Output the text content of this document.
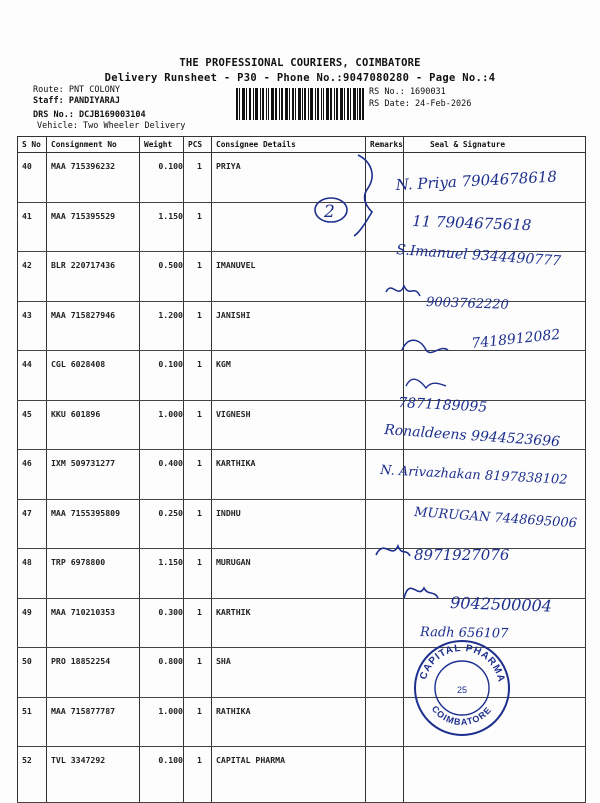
THE PROFESSIONAL COURIERS, COIMBATORE
Delivery Runsheet - P30 - Phone No.:9047080280 - Page No.:4
Route: PNT COLONY
Staff: PANDIYARAJ
DRS No.: DCJB169003104
Vehicle: Two Wheeler Delivery
RS No.: 1690031
RS Date: 24-Feb-2026
S No	Consignment No	Weight	PCS	Consignee Details	Remarks	Seal & Signature
40	MAA 715396232	0.100	1	PRIYA		
41	MAA 715395529	1.150	1			
42	BLR 220717436	0.500	1	IMANUVEL		
43	MAA 715827946	1.200	1	JANISHI		
44	CGL 6028408	0.100	1	KGM		
45	KKU 601896	1.000	1	VIGNESH		
46	IXM 509731277	0.400	1	KARTHIKA		
47	MAA 7155395809	0.250	1	INDHU		
48	TRP 6978800	1.150	1	MURUGAN		
49	MAA 710210353	0.300	1	KARTHIK		
50	PRO 18852254	0.800	1	SHA		
51	MAA 715877787	1.000	1	RATHIKA		
52	TVL 3347292	0.100	1	CAPITAL PHARMA		
2
N. Priya 7904678618
11 7904675618
S.Imanuel 9344490777
9003762220
7418912082
7871189095
Ronaldeens 9944523696
N. Arivazhakan 8197838102
MURUGAN 7448695006
8971927076
9042500004
Radh 656107
CAPITAL PHARMA
COIMBATORE
25
